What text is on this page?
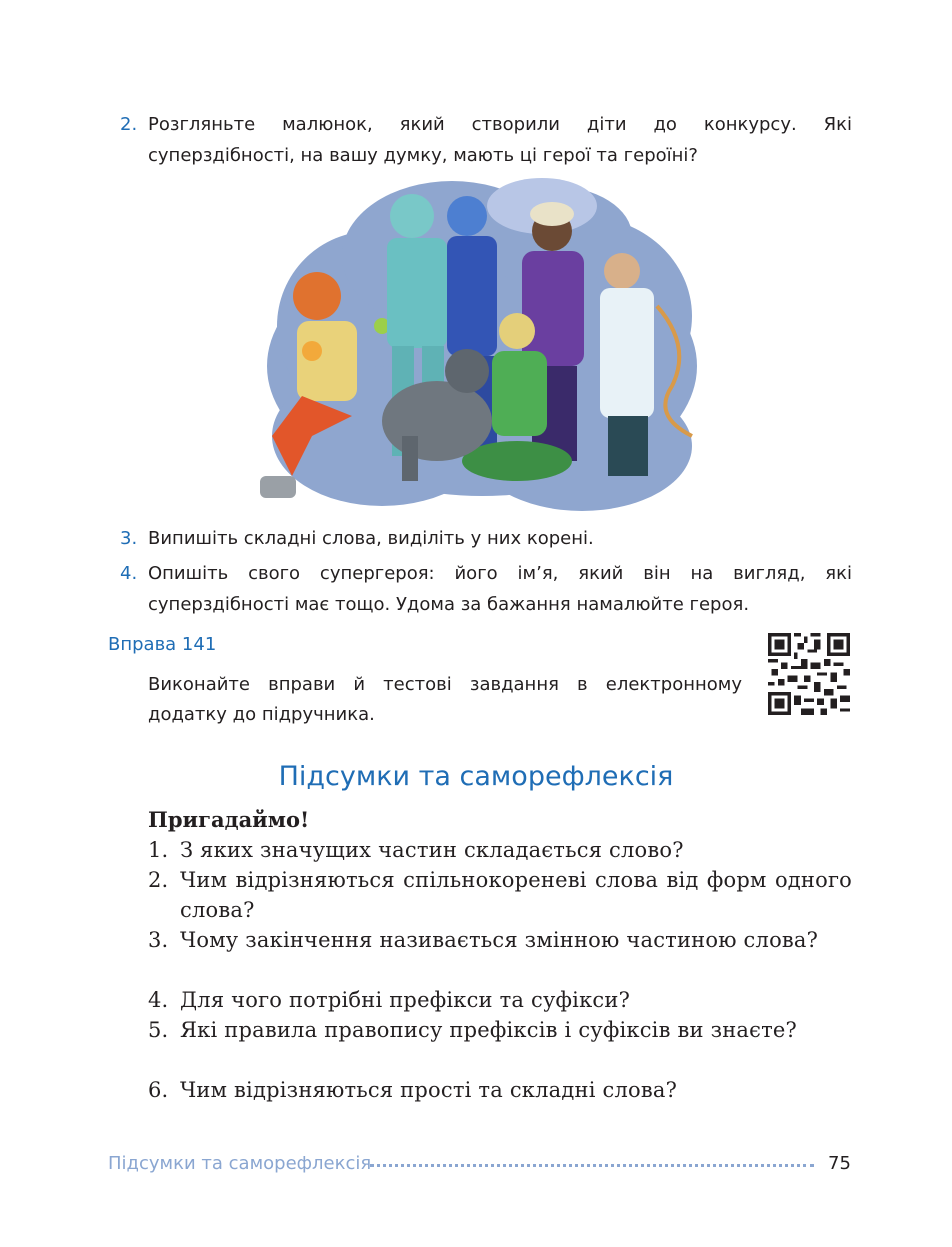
2. Розгляньте малюнок, який створили діти до конкурсу. Які суперздібності, на вашу думку, мають ці герої та героїні?
3. Випишіть складні слова, виділіть у них корені.
4. Опишіть свого супергероя: його ім’я, який він на вигляд, які суперздібності має тощо. Удома за бажання намалюйте героя.
Вправа 141
Виконайте вправи й тестові завдання в електронному додатку до підручника.
Підсумки та саморефлексія
Пригадаймо!
1. З яких значущих частин складається слово?
2. Чим відрізняються спільнокореневі слова від форм одного слова?
3. Чому закінчення називається змінною частиною слова?
4. Для чого потрібні префікси та суфікси?
5. Які правила правопису префіксів і суфіксів ви знаєте?
6. Чим відрізняються прості та складні слова?
Підсумки та саморефлексія	75
